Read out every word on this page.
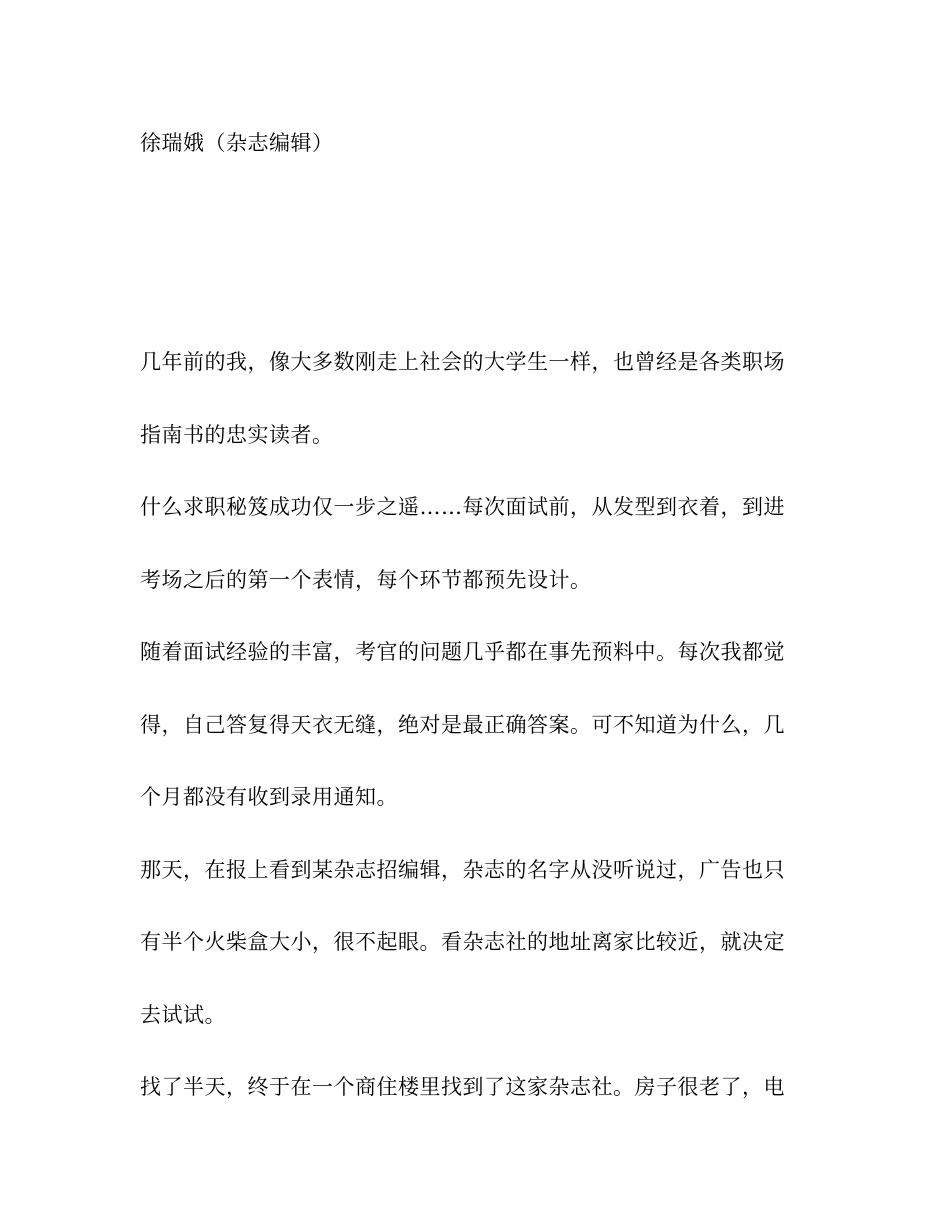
徐瑞娥（杂志编辑）
几年前的我，像大多数刚走上社会的大学生一样，也曾经是各类职场
指南书的忠实读者。
什么求职秘笈成功仅一步之遥……每次面试前，从发型到衣着，到进
考场之后的第一个表情，每个环节都预先设计。
随着面试经验的丰富，考官的问题几乎都在事先预料中。每次我都觉
得，自己答复得天衣无缝，绝对是最正确答案。可不知道为什么，几
个月都没有收到录用通知。
那天，在报上看到某杂志招编辑，杂志的名字从没听说过，广告也只
有半个火柴盒大小，很不起眼。看杂志社的地址离家比较近，就决定
去试试。
找了半天，终于在一个商住楼里找到了这家杂志社。房子很老了，电
